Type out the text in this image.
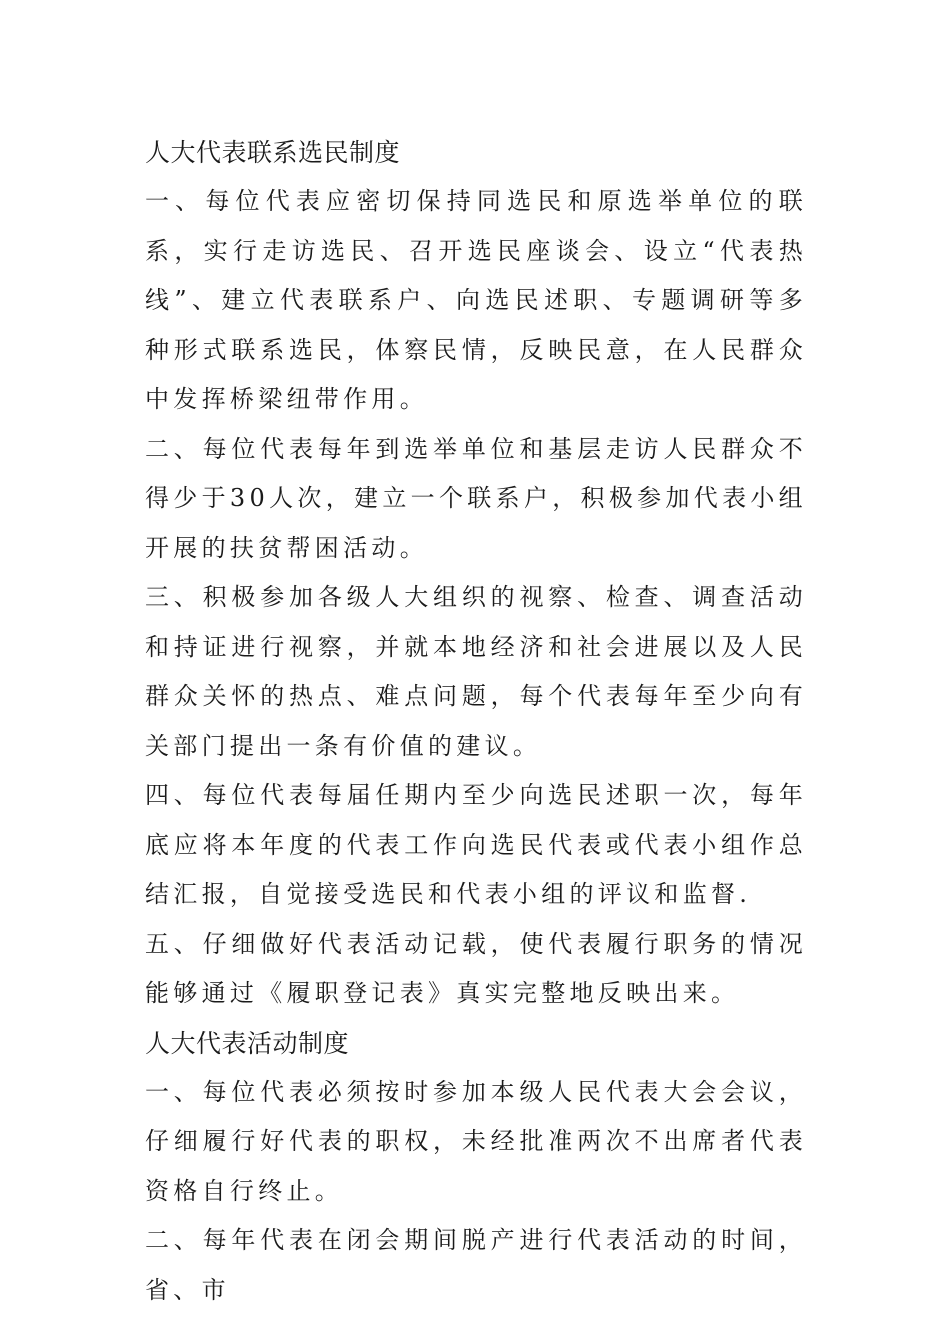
人大代表联系选民制度

一、每位代表应密切保持同选民和原选举单位的联系，实行走访选民、召开选民座谈会、设立“代表热线”、建立代表联系户、向选民述职、专题调研等多种形式联系选民，体察民情，反映民意，在人民群众中发挥桥梁纽带作用。

二、每位代表每年到选举单位和基层走访人民群众不得少于30人次，建立一个联系户，积极参加代表小组开展的扶贫帮困活动。

三、积极参加各级人大组织的视察、检查、调查活动和持证进行视察，并就本地经济和社会进展以及人民群众关怀的热点、难点问题，每个代表每年至少向有关部门提出一条有价值的建议。

四、每位代表每届任期内至少向选民述职一次，每年底应将本年度的代表工作向选民代表或代表小组作总结汇报，自觉接受选民和代表小组的评议和监督.

五、仔细做好代表活动记载，使代表履行职务的情况能够通过《履职登记表》真实完整地反映出来。

人大代表活动制度

一、每位代表必须按时参加本级人民代表大会会议，仔细履行好代表的职权，未经批准两次不出席者代表资格自行终止。

二、每年代表在闭会期间脱产进行代表活动的时间，省、市
